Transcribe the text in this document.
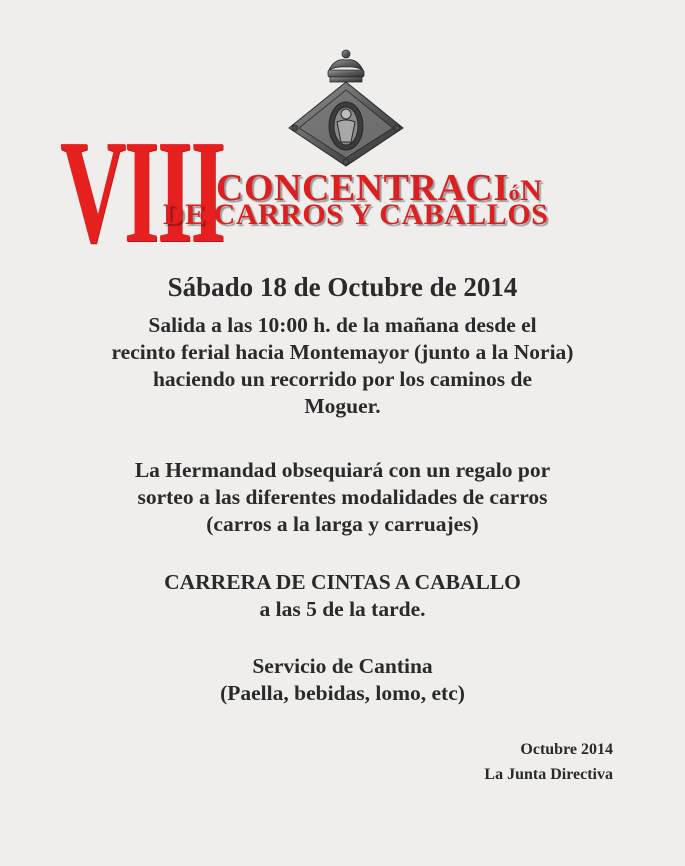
VIII
CONCENTRACIóN
DE CARROS Y CABALLOS
Sábado 18 de Octubre de 2014
Salida a las 10:00 h. de la mañana desde el
recinto ferial hacia Montemayor (junto a la Noria)
haciendo un recorrido por los caminos de
Moguer.
La Hermandad obsequiará con un regalo por
sorteo a las diferentes modalidades de carros
(carros a la larga y carruajes)
CARRERA DE CINTAS A CABALLO
a las 5 de la tarde.
Servicio de Cantina
(Paella, bebidas, lomo, etc)
Octubre 2014
La Junta Directiva
